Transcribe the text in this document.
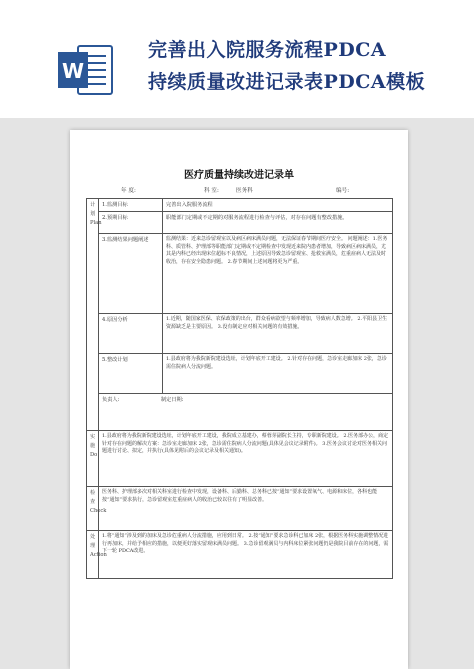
W
完善出入院服务流程PDCA
持续质量改进记录表PDCA模板
医疗质量持续改进记录单
年 度:	科 室:	医务科	编号:
计划 Plan	1.监测目标	完善出入院服务流程	
	2.预期目标	职能部门定期或不定期的对服务流程进行检查与评估，对存在问题有整改措施。	
	3.监测结果问题阐述	监测结果：近来急诊留观室以及病区病床满员问题，无法保证春节期间医疗安全。 问题阐述：1.医务科、质管科、护理部等职能部门定期或不定期检查中发现近来院内患者增加，导致病区病床满员，尤其是内科已经出现床位超标不良情况，上述原因导致急诊留观室、抢救室满员，危重症病人无法及时收治，存在安全隐患问题。 2.春节期间上述问题将更为严重。	
	4.原因分析	1.近期，随国家医保、农保政策的出台，群众看病欲望与频率增加，导致病人数急增。 2.平阳县卫生资源缺乏是主要原因。 3.没有制定应对相关问题的有效措施。	
	5.整改计划	1.县政府将为我院新院建设选址，计划年底开工建设。 2.针对存在问题，急诊室走廊加床 2张，急诊需住院病人分流问题。	
	负责人: 制定日期:	
实施 Do	1.县政府将为我院新院建设选址，计划年底开工建设，我院成立基建办，蔡蓉芽副院长主持，专职新院建设。 2.医务部办公，商定针对存在问题的解决方案：急诊室走廊加床 2张，急诊需住院病人分流问题(具体见会议记录附件)。 3.医务会议讨论对医务相关问题进行讨论、拟定，并执行(具体见附后的会议记录及相关通知)。		
检查 Check	医务科、护理部多次对相关科室进行检查中发现，设备科、后勤科、总务科已按“通知”要求设置氧气、电源和床位，各科也能按“通知”要求执行，急诊留观室危重症病人的收治已较以往有了明显改善。		
处理 Action	1.将“通知”涉及到的加床及急诊危重病人分流措施，应用到日常。 2.按“通知”要求急诊科已加床 2张，根据医务科实施调整情况进行再加床，并给予相应的措施，以便更好落实留观床满员问题。 3.急诊留观满员与内科床位紧张问题仍是我院目前存在的问题，需下一轮 PDCA改进。		
